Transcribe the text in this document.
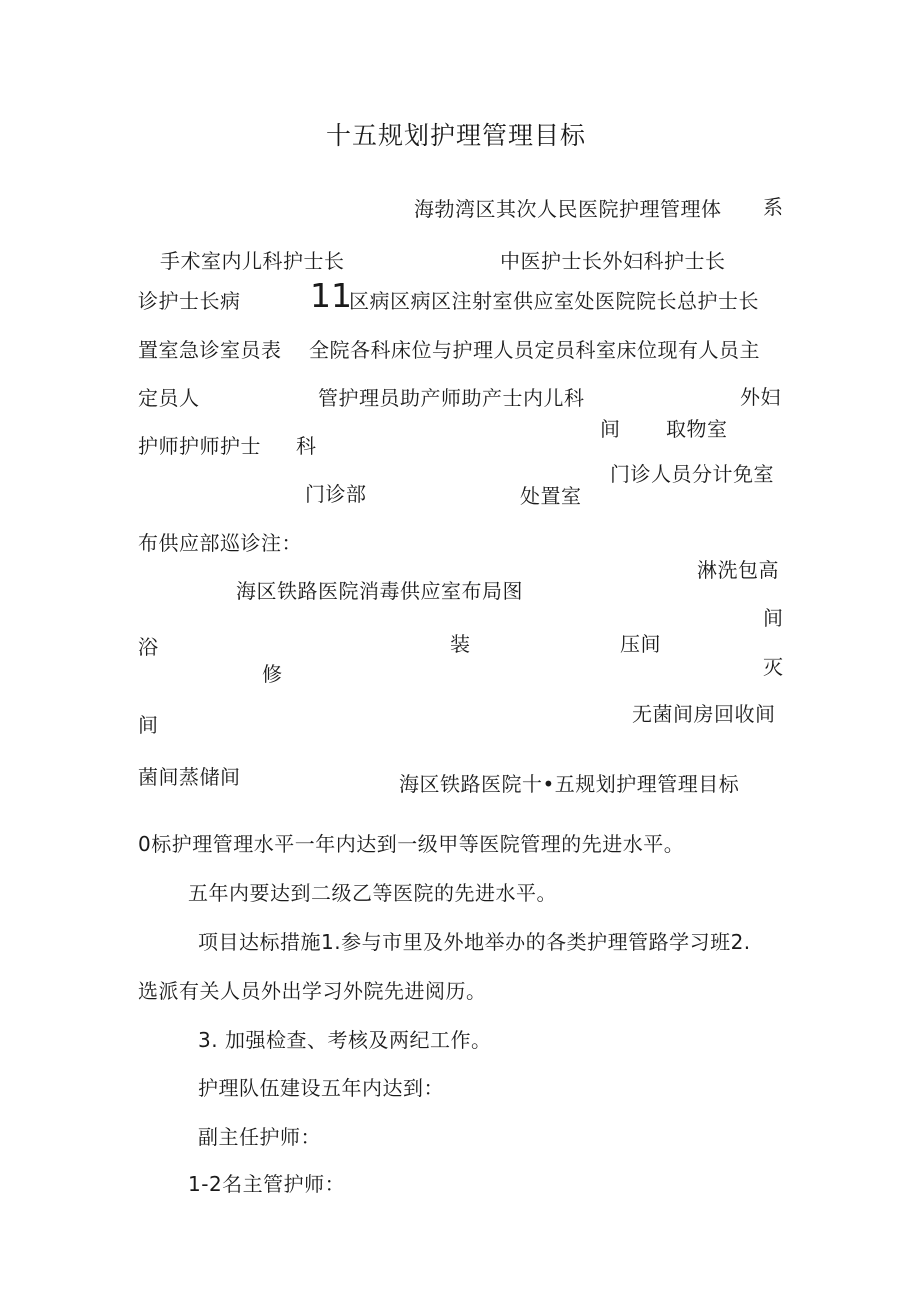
十五规划护理管理目标
海勃湾区其次人民医院护理管理体 系
手术室内儿科护士长	中医护士长外妇科护士长
诊护士长病 11
区病区病区注射室供应室处医院院长总护士长
置室急诊室员表 全院各科床位与护理人员定员科室床位现有人员主
定员人	管护理员助产师助产士内儿科	外妇
间 取物室
护师护师护士 科
门诊人员分计免室
门诊部	处置室
布供应部巡诊注：
淋洗包高
海区铁路医院消毒供应室布局图
间
浴	装	压间
修	灭
间	无菌间房回收间
菌间蒸储间	海区铁路医院十•五规划护理管理目标
0标护理管理水平一年内达到一级甲等医院管理的先进水平。
五年内要达到二级乙等医院的先进水平。
项目达标措施1.参与市里及外地举办的各类护理管路学习班2.
选派有关人员外出学习外院先进阅历。
3. 加强检查、考核及两纪工作。
护理队伍建设五年内达到：
副主任护师：
1-2名主管护师：
